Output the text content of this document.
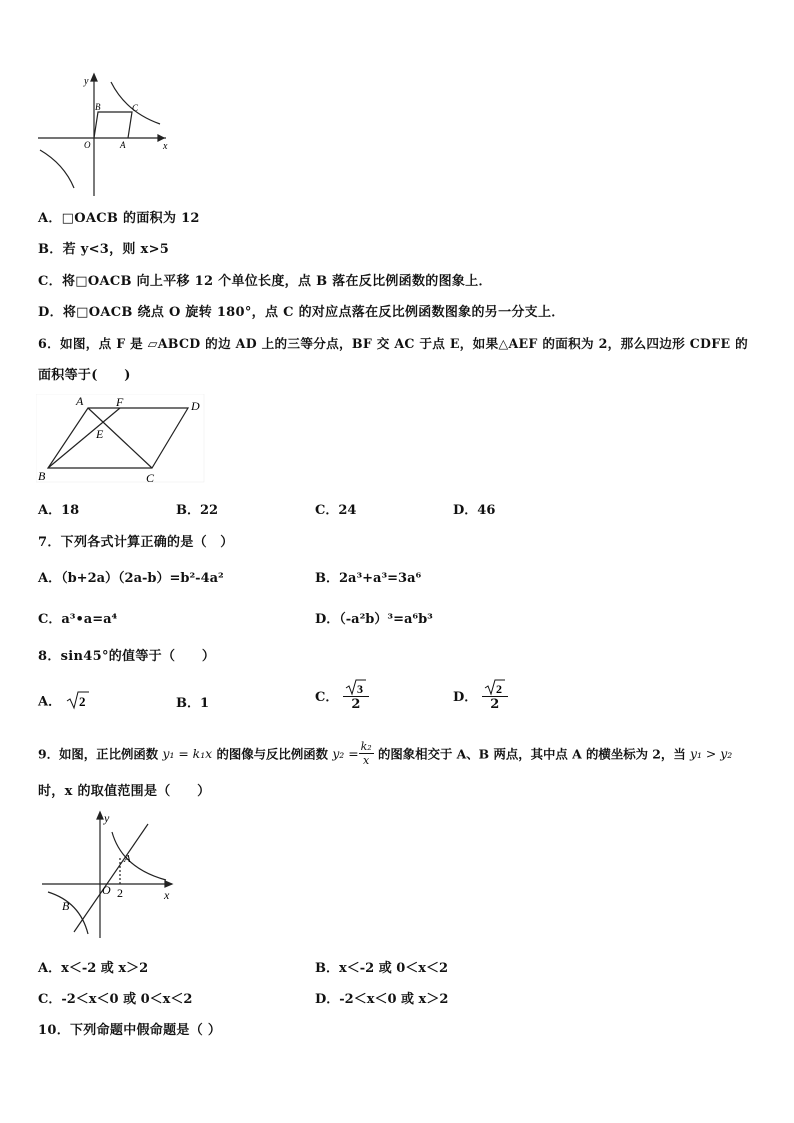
y
x
O	A
B	C
A．□OACB 的面积为 12
B．若 y<3，则 x>5
C．将□OACB 向上平移 12 个单位长度，点 B 落在反比例函数的图象上．
D．将□OACB 绕点 O 旋转 180°，点 C 的对应点落在反比例函数图象的另一分支上．
6．如图，点 F 是 ▱ABCD 的边 AD 上的三等分点，BF 交 AC 于点 E，如果△AEF 的面积为 2，那么四边形 CDFE 的
面积等于(　　)
A	F	D
E
B	C
A．18	B．22	C．24	D．46
7．下列各式计算正确的是（　）
A．（b+2a）（2a-b）=b²-4a²	B．2a³+a³=3a⁶
C．a³•a=a⁴	D．（-a²b）³=a⁶b³
8．sin45°的值等于（　　）
A． 2	B．1	C． $\frac{3}{2}$	D． $\frac{2}{2}$
9．如图，正比例函数 y₁ = k₁x 的图像与反比例函数 $y_2 = \frac{\text{k₂}}{x}$ 的图象相交于 A、B 两点，其中点 A 的横坐标为 2，当 y₁ > y₂
时，x 的取值范围是（　　）
y
x
O
A
B
2
A．x＜-2 或 x＞2	B．x＜-2 或 0＜x＜2
C．-2＜x＜0 或 0＜x＜2	D．-2＜x＜0 或 x＞2
10．下列命题中假命题是（ ）
